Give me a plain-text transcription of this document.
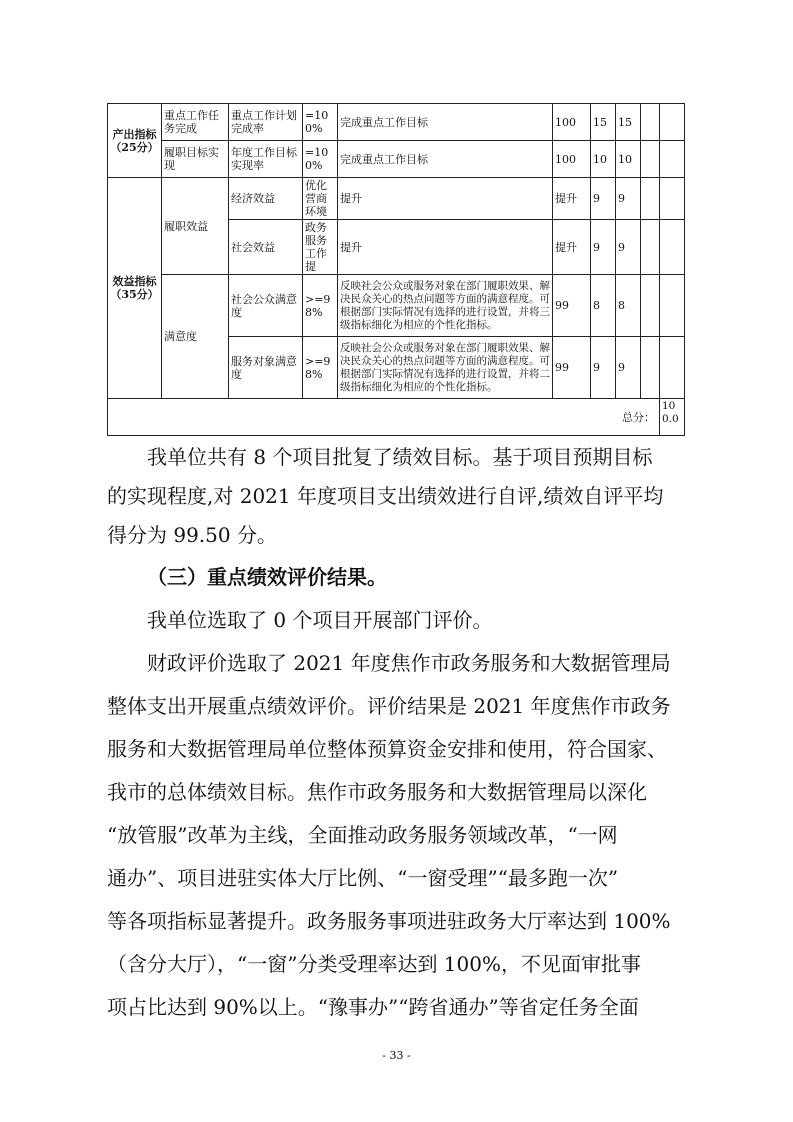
产出指标（25分）	重点工作任务完成	重点工作计划完成率	=100%	完成重点工作目标	100	15	15		
	履职目标实现	年度工作目标实现率	=100%	完成重点工作目标	100	10	10		
效益指标（35分）	履职效益	经济效益	优化营商环境	提升	提升	9	9		
		社会效益	政务服务工作提	提升	提升	9	9		
	满意度	社会公众满意度	>=98%	反映社会公众或服务对象在部门履职效果、解决民众关心的热点问题等方面的满意程度。可根据部门实际情况有选择的进行设置，并将三级指标细化为相应的个性化指标。	99	8	8		
		服务对象满意度	>=98%	反映社会公众或服务对象在部门履职效果、解决民众关心的热点问题等方面的满意程度。可根据部门实际情况有选择的进行设置，并将二级指标细化为相应的个性化指标。	99	9	9		
总分：									100.0

我单位共有 8 个项目批复了绩效目标。基于项目预期目标

的实现程度,对 2021 年度项目支出绩效进行自评,绩效自评平均

得分为 99.50 分。

（三）重点绩效评价结果。

我单位选取了 0 个项目开展部门评价。

财政评价选取了 2021 年度焦作市政务服务和大数据管理局

整体支出开展重点绩效评价。评价结果是 2021 年度焦作市政务

服务和大数据管理局单位整体预算资金安排和使用，符合国家、

我市的总体绩效目标。焦作市政务服务和大数据管理局以深化

“放管服”改革为主线，全面推动政务服务领域改革，“一网

通办”、项目进驻实体大厅比例、“一窗受理”“最多跑一次”

等各项指标显著提升。政务服务事项进驻政务大厅率达到 100%

（含分大厅），“一窗”分类受理率达到 100%，不见面审批事

项占比达到 90%以上。“豫事办”“跨省通办”等省定任务全面

- 33 -
